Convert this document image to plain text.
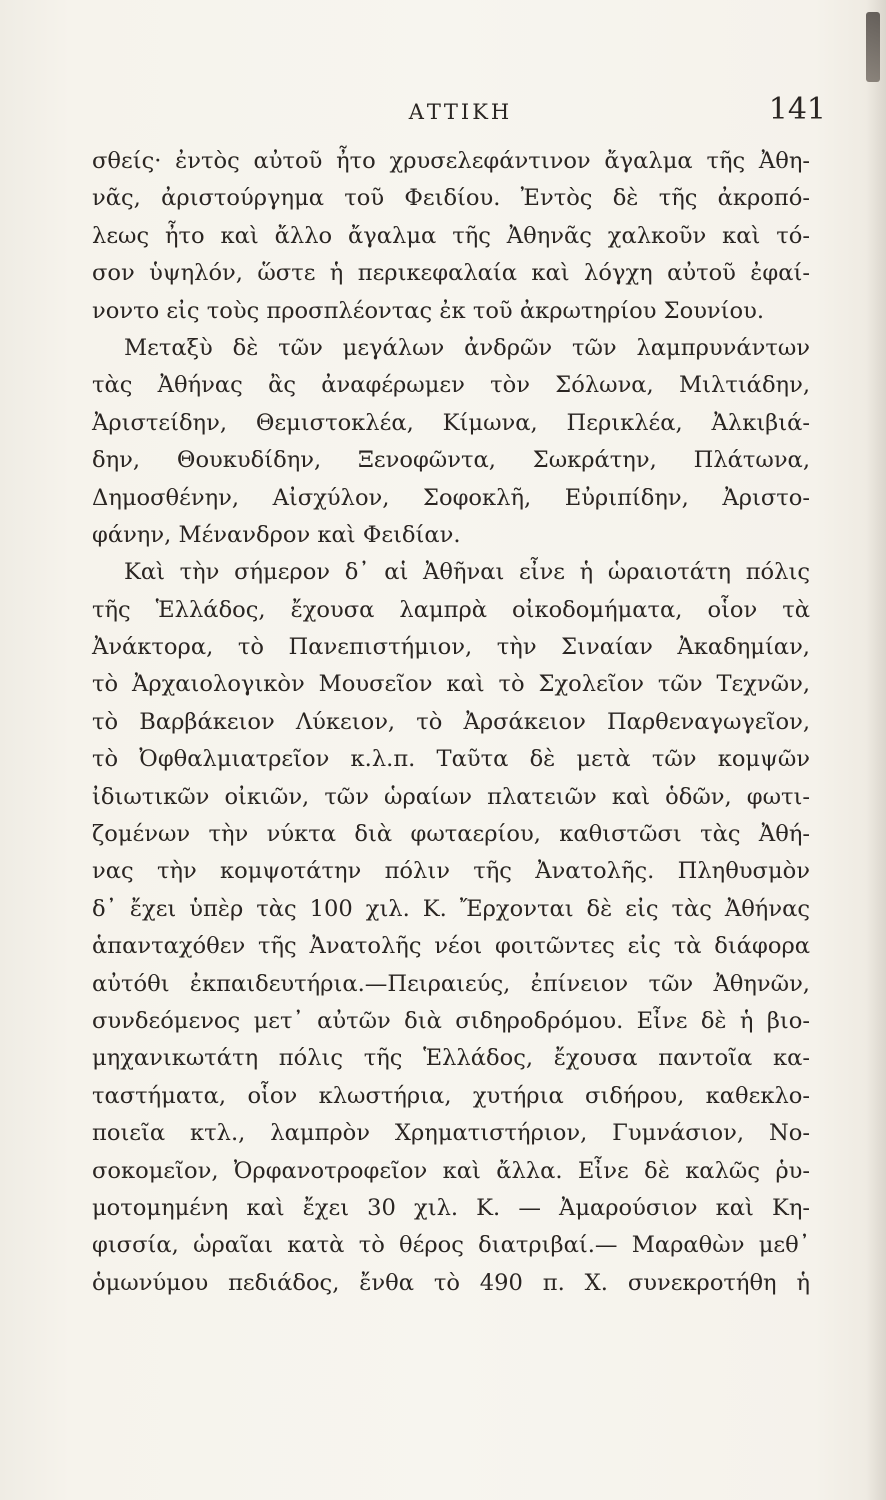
ΑΤΤΙΚΗ	141
σθείς· ἐντὸς αὐτοῦ ἦτο χρυσελεφάντινον ἄγαλμα τῆς Ἀθη-
νᾶς, ἀριστούργημα τοῦ Φειδίου. Ἐντὸς δὲ τῆς ἀκροπό-
λεως ἦτο καὶ ἄλλο ἄγαλμα τῆς Ἀθηνᾶς χαλκοῦν καὶ τό-
σον ὑψηλόν, ὥστε ἡ περικεφαλαία καὶ λόγχη αὐτοῦ ἐφαί-
νοντο εἰς τοὺς προσπλέοντας ἐκ τοῦ ἀκρωτηρίου Σουνίου.
Μεταξὺ δὲ τῶν μεγάλων ἀνδρῶν τῶν λαμπρυνάντων
τὰς Ἀθήνας ἂς ἀναφέρωμεν τὸν Σόλωνα, Μιλτιάδην,
Ἀριστείδην, Θεμιστοκλέα, Κίμωνα, Περικλέα, Ἀλκιβιά-
δην, Θουκυδίδην, Ξενοφῶντα, Σωκράτην, Πλάτωνα,
Δημοσθένην, Αἰσχύλον, Σοφοκλῆ, Εὐριπίδην, Ἀριστο-
φάνην, Μένανδρον καὶ Φειδίαν.
Καὶ τὴν σήμερον δ᾽ αἱ Ἀθῆναι εἶνε ἡ ὡραιοτάτη πόλις
τῆς Ἑλλάδος, ἔχουσα λαμπρὰ οἰκοδομήματα, οἷον τὰ
Ἀνάκτορα, τὸ Πανεπιστήμιον, τὴν Σιναίαν Ἀκαδημίαν,
τὸ Ἀρχαιολογικὸν Μουσεῖον καὶ τὸ Σχολεῖον τῶν Τεχνῶν,
τὸ Βαρβάκειον Λύκειον, τὸ Ἀρσάκειον Παρθεναγωγεῖον,
τὸ Ὀφθαλμιατρεῖον κ.λ.π. Ταῦτα δὲ μετὰ τῶν κομψῶν
ἰδιωτικῶν οἰκιῶν, τῶν ὡραίων πλατειῶν καὶ ὁδῶν, φωτι-
ζομένων τὴν νύκτα διὰ φωταερίου, καθιστῶσι τὰς Ἀθή-
νας τὴν κομψοτάτην πόλιν τῆς Ἀνατολῆς. Πληθυσμὸν
δ᾽ ἔχει ὑπὲρ τὰς 100 χιλ. Κ. Ἔρχονται δὲ εἰς τὰς Ἀθήνας
ἁπανταχόθεν τῆς Ἀνατολῆς νέοι φοιτῶντες εἰς τὰ διάφορα
αὐτόθι ἐκπαιδευτήρια.—Πειραιεύς, ἐπίνειον τῶν Ἀθηνῶν,
συνδεόμενος μετ᾽ αὐτῶν διὰ σιδηροδρόμου. Εἶνε δὲ ἡ βιο-
μηχανικωτάτη πόλις τῆς Ἑλλάδος, ἔχουσα παντοῖα κα-
ταστήματα, οἷον κλωστήρια, χυτήρια σιδήρου, καθεκλο-
ποιεῖα κτλ., λαμπρὸν Χρηματιστήριον, Γυμνάσιον, Νο-
σοκομεῖον, Ὀρφανοτροφεῖον καὶ ἄλλα. Εἶνε δὲ καλῶς ῥυ-
μοτομημένη καὶ ἔχει 30 χιλ. Κ. — Ἀμαρούσιον καὶ Κη-
φισσία, ὡραῖαι κατὰ τὸ θέρος διατριβαί.— Μαραθὼν μεθ᾽
ὁμωνύμου πεδιάδος, ἔνθα τὸ 490 π. Χ. συνεκροτήθη ἡ
